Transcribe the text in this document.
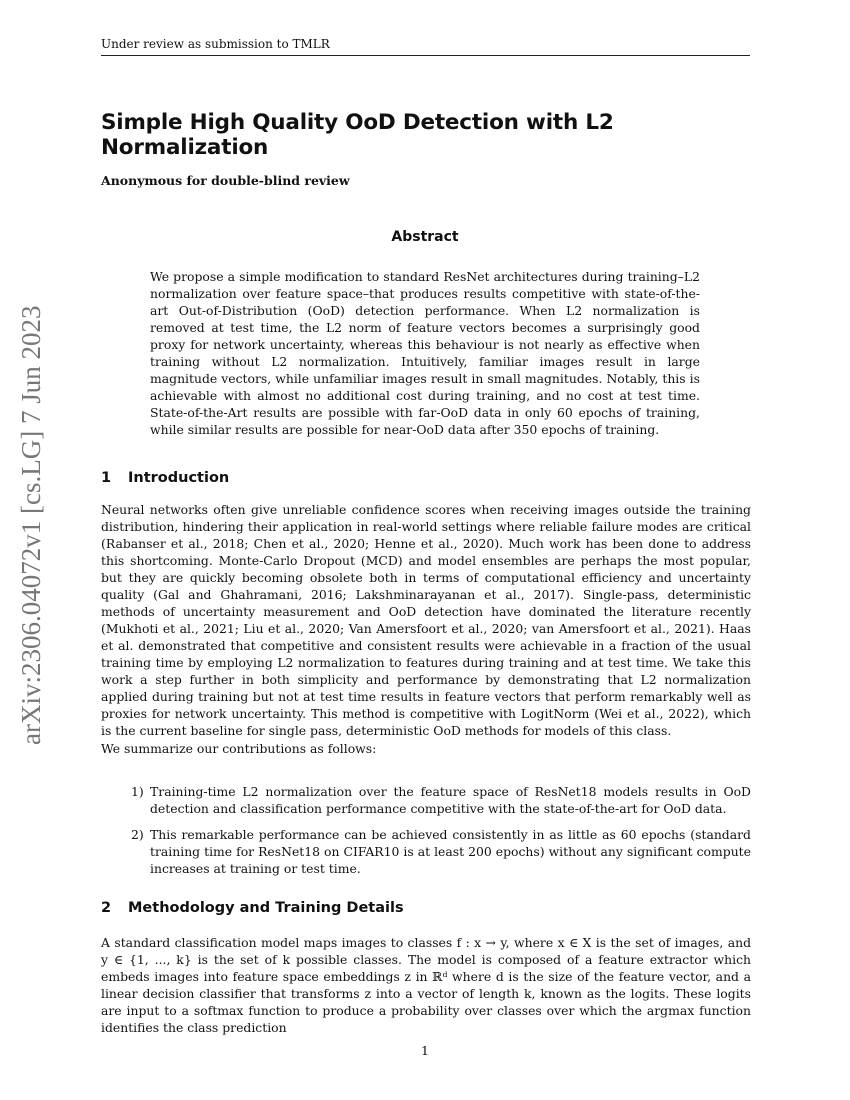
Under review as submission to TMLR
Simple High Quality OoD Detection with L2 Normalization
Anonymous for double-blind review
Abstract

We propose a simple modification to standard ResNet architectures during training–L2 normalization over feature space–that produces results competitive with state-of-the-art Out-of-Distribution (OoD) detection performance. When L2 normalization is removed at test time, the L2 norm of feature vectors becomes a surprisingly good proxy for network uncertainty, whereas this behaviour is not nearly as effective when training without L2 normalization. Intuitively, familiar images result in large magnitude vectors, while unfamiliar images result in small magnitudes. Notably, this is achievable with almost no additional cost during training, and no cost at test time. State-of-the-Art results are possible with far-OoD data in only 60 epochs of training, while similar results are possible for near-OoD data after 350 epochs of training.

arXiv:2306.04072v1 [cs.LG] 7 Jun 2023	1 Introduction

Neural networks often give unreliable confidence scores when receiving images outside the training distribution, hindering their application in real-world settings where reliable failure modes are critical (Rabanser et al., 2018; Chen et al., 2020; Henne et al., 2020). Much work has been done to address this shortcoming. Monte-Carlo Dropout (MCD) and model ensembles are perhaps the most popular, but they are quickly becoming obsolete both in terms of computational efficiency and uncertainty quality (Gal and Ghahramani, 2016; Lakshminarayanan et al., 2017). Single-pass, deterministic methods of uncertainty measurement and OoD detection have dominated the literature recently (Mukhoti et al., 2021; Liu et al., 2020; Van Amersfoort et al., 2020; van Amersfoort et al., 2021). Haas et al. demonstrated that competitive and consistent results were achievable in a fraction of the usual training time by employing L2 normalization to features during training and at test time. We take this work a step further in both simplicity and performance by demonstrating that L2 normalization applied during training but not at test time results in feature vectors that perform remarkably well as proxies for network uncertainty. This method is competitive with LogitNorm (Wei et al., 2022), which is the current baseline for single pass, deterministic OoD methods for models of this class.

We summarize our contributions as follows:

1) Training-time L2 normalization over the feature space of ResNet18 models results in OoD detection and classification performance competitive with the state-of-the-art for OoD data.
2) This remarkable performance can be achieved consistently in as little as 60 epochs (standard training time for ResNet18 on CIFAR10 is at least 200 epochs) without any significant compute increases at training or test time.
2 Methodology and Training Details

A standard classification model maps images to classes f : x → y, where x ∈ X is the set of images, and y ∈ {1, ..., k} is the set of k possible classes. The model is composed of a feature extractor which embeds images into feature space embeddings z in ℝᵈ where d is the size of the feature vector, and a linear decision classifier that transforms z into a vector of length k, known as the logits. These logits are input to a softmax function to produce a probability over classes over which the argmax function identifies the class prediction

1
